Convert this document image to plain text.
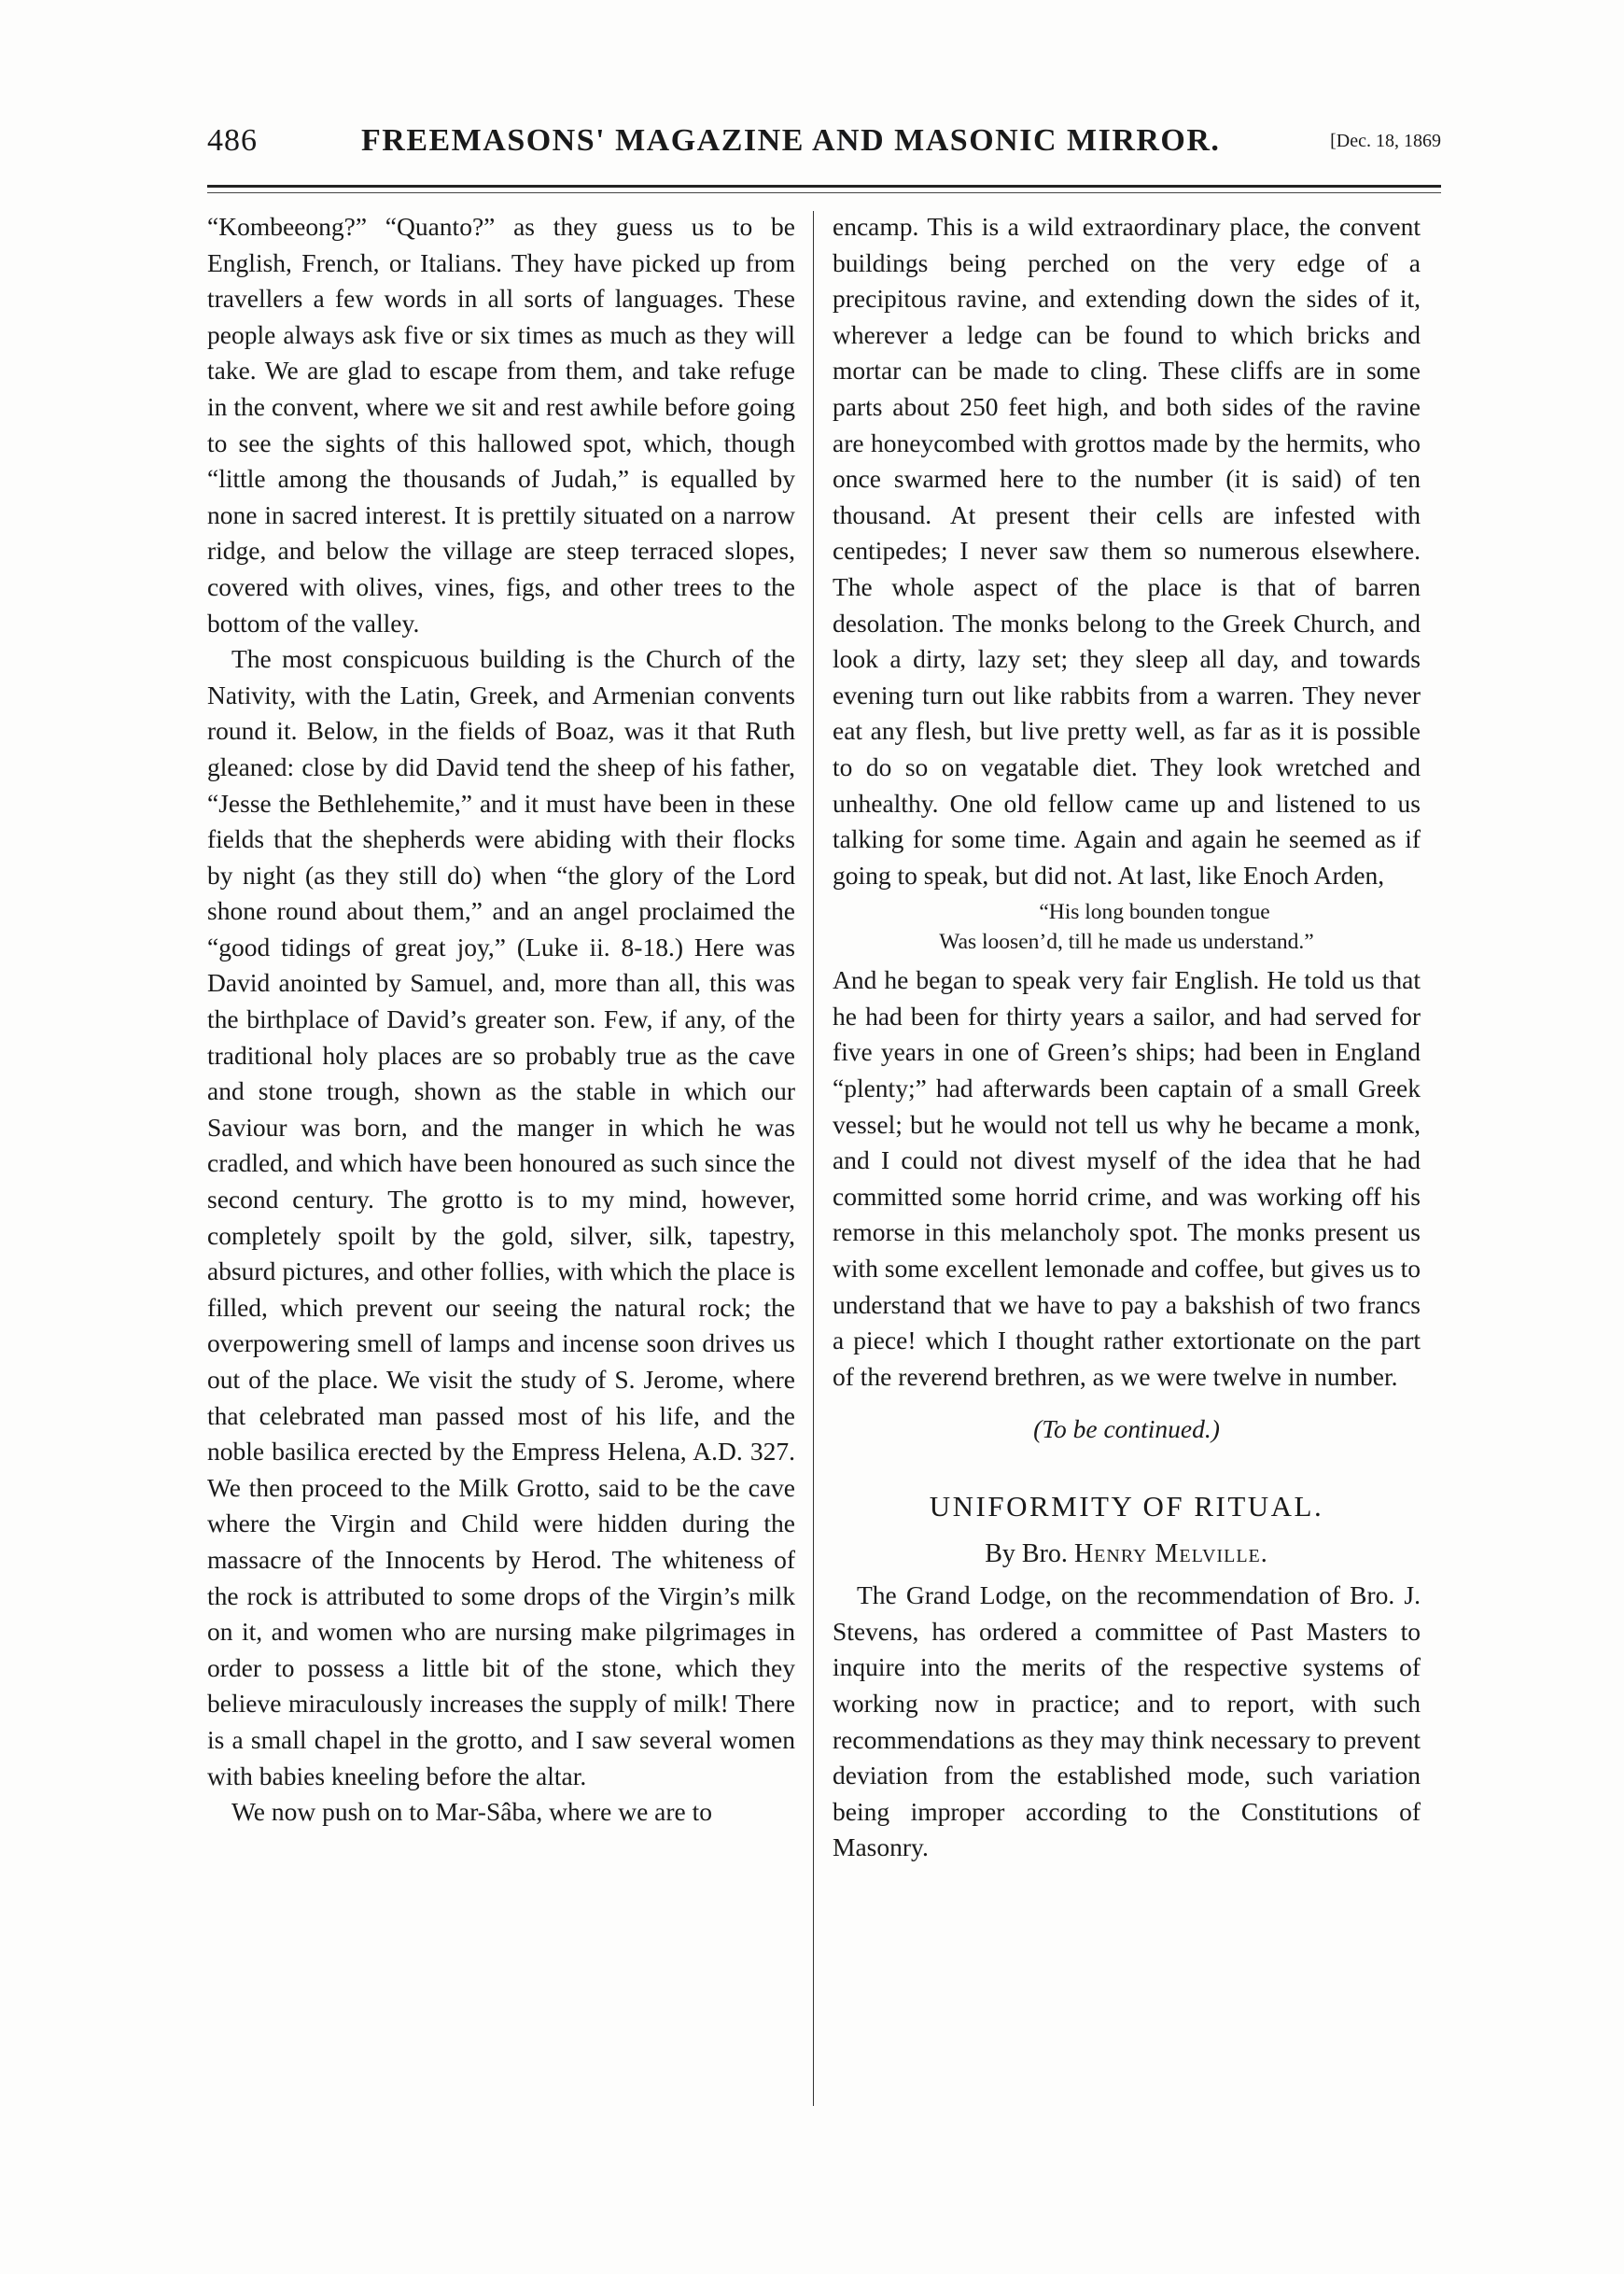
486	FREEMASONS' MAGAZINE AND MASONIC MIRROR.	[Dec. 18, 1869

“Kombeeong?” “Quanto?” as they guess us to be English, French, or Italians. They have picked up from travellers a few words in all sorts of languages. These people always ask five or six times as much as they will take. We are glad to escape from them, and take refuge in the convent, where we sit and rest awhile before going to see the sights of this hallowed spot, which, though “little among the thousands of Judah,” is equalled by none in sacred interest. It is prettily situated on a narrow ridge, and below the village are steep terraced slopes, covered with olives, vines, figs, and other trees to the bottom of the valley.

The most conspicuous building is the Church of the Nativity, with the Latin, Greek, and Armenian convents round it. Below, in the fields of Boaz, was it that Ruth gleaned: close by did David tend the sheep of his father, “Jesse the Bethlehemite,” and it must have been in these fields that the shepherds were abiding with their flocks by night (as they still do) when “the glory of the Lord shone round about them,” and an angel proclaimed the “good tidings of great joy,” (Luke ii. 8-18.) Here was David anointed by Samuel, and, more than all, this was the birthplace of David’s greater son. Few, if any, of the traditional holy places are so probably true as the cave and stone trough, shown as the stable in which our Saviour was born, and the manger in which he was cradled, and which have been honoured as such since the second century. The grotto is to my mind, however, completely spoilt by the gold, silver, silk, tapestry, absurd pictures, and other follies, with which the place is filled, which prevent our seeing the natural rock; the overpowering smell of lamps and incense soon drives us out of the place. We visit the study of S. Jerome, where that celebrated man passed most of his life, and the noble basilica erected by the Empress Helena, A.D. 327. We then proceed to the Milk Grotto, said to be the cave where the Virgin and Child were hidden during the massacre of the Innocents by Herod. The whiteness of the rock is attributed to some drops of the Virgin’s milk on it, and women who are nursing make pilgrimages in order to possess a little bit of the stone, which they believe miraculously increases the supply of milk! There is a small chapel in the grotto, and I saw several women with babies kneeling before the altar.

We now push on to Mar-Sâba, where we are to

encamp. This is a wild extraordinary place, the convent buildings being perched on the very edge of a precipitous ravine, and extending down the sides of it, wherever a ledge can be found to which bricks and mortar can be made to cling. These cliffs are in some parts about 250 feet high, and both sides of the ravine are honeycombed with grottos made by the hermits, who once swarmed here to the number (it is said) of ten thousand. At present their cells are infested with centipedes; I never saw them so numerous elsewhere. The whole aspect of the place is that of barren desolation. The monks belong to the Greek Church, and look a dirty, lazy set; they sleep all day, and towards evening turn out like rabbits from a warren. They never eat any flesh, but live pretty well, as far as it is possible to do so on vegatable diet. They look wretched and unhealthy. One old fellow came up and listened to us talking for some time. Again and again he seemed as if going to speak, but did not. At last, like Enoch Arden,

“His long bounden tongue
Was loosen’d, till he made us understand.”

And he began to speak very fair English. He told us that he had been for thirty years a sailor, and had served for five years in one of Green’s ships; had been in England “plenty;” had afterwards been captain of a small Greek vessel; but he would not tell us why he became a monk, and I could not divest myself of the idea that he had committed some horrid crime, and was working off his remorse in this melancholy spot. The monks present us with some excellent lemonade and coffee, but gives us to understand that we have to pay a bakshish of two francs a piece! which I thought rather extortionate on the part of the reverend brethren, as we were twelve in number.

(To be continued.)
UNIFORMITY OF RITUAL.
By Bro. Henry Melville.

The Grand Lodge, on the recommendation of Bro. J. Stevens, has ordered a committee of Past Masters to inquire into the merits of the respective systems of working now in practice; and to report, with such recommendations as they may think necessary to prevent deviation from the established mode, such variation being improper according to the Constitutions of Masonry.
